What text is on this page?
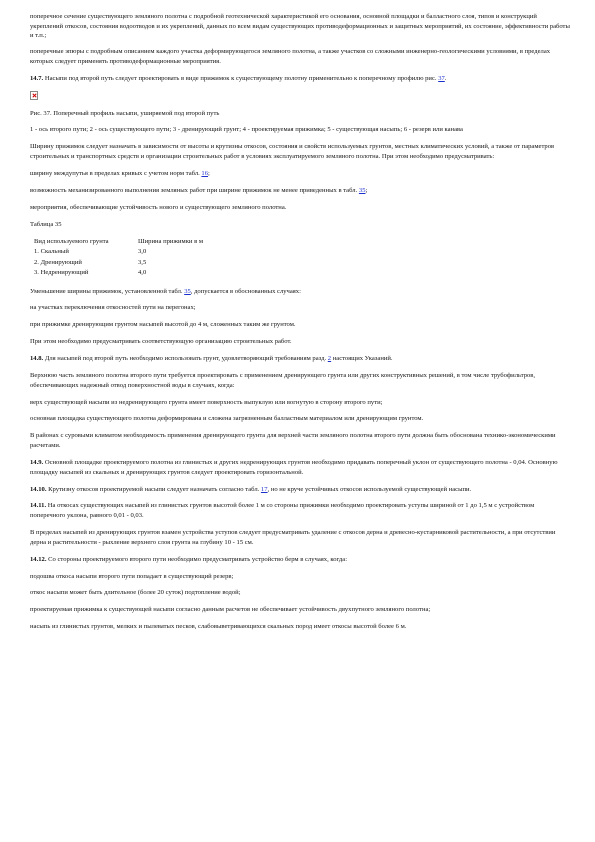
поперечное сечение существующего земляного полотна с подробной геотехнической характеристикой его основания, основной площадки и балластного слоя, типов и конструкций укреплений откосов, состояния водоотводов и их укреплений, данных по всем видам существующих противодеформационных и защитных мероприятий, их состояние, эффективности работы и т.п.;

поперечные эпюры с подробным описанием каждого участка деформирующегося земляного полотна, а также участков со сложными инженерно-геологическими условиями, в пределах которых следует применять противодеформационные мероприятия.

14.7. Насыпи под второй путь следует проектировать в виде прижимок к существующему полотну применительно к поперечному профилю рис. 37.

Рис. 37. Поперечный профиль насыпи, уширяемой под второй путь

1 - ось второго пути; 2 - ось существующего пути; 3 - дренирующий грунт; 4 - проектируемая прижимка; 5 - существующая насыпь; 6 - резерв или канава

Ширину прижимок следует назначать в зависимости от высоты и крутизны откосов, состояния и свойств используемых грунтов, местных климатических условий, а также от параметров строительных и транспортных средств и организации строительных работ в условиях эксплуатируемого земляного полотна. При этом необходимо предусматривать:

ширину междупутья в пределах кривых с учетом норм табл. 16;

возможность механизированного выполнения земляных работ при ширине прижимок не менее приведенных в табл. 35;

мероприятия, обеспечивающие устойчивость нового и существующего земляного полотна.

Таблица 35

Вид используемого грунта	Ширина прижимки в м
1. Скальный	3,0
2. Дренирующий	3,5
3. Недренирующий	4,0

Уменьшение ширины прижимок, установленной табл. 35, допускается в обоснованных случаях:

на участках переключения откосностей пути на перегонах;

при прижимке дренирующим грунтом насыпей высотой до 4 м, сложенных таким же грунтом.

При этом необходимо предусматривать соответствующую организацию строительных работ.

14.8. Для насыпей под второй путь необходимо использовать грунт, удовлетворяющий требованиям разд. 2 настоящих Указаний.

Верхнюю часть земляного полотна второго пути требуется проектировать с применением дренирующего грунта или других конструктивных решений, в том числе трубофильтров, обеспечивающих надежный отвод поверхностной воды в случаях, когда:

верх существующей насыпи из недренирующего грунта имеет поверхность выпуклую или вогнутую в сторону второго пути;

основная площадка существующего полотна деформирована и сложена загрязненным балластным материалом или дренирующим грунтом.

В районах с суровыми климатом необходимость применения дренирующего грунта для верхней части земляного полотна второго пути должна быть обоснована технико-экономическими расчетами.

14.9. Основной площадке проектируемого полотна из глинистых и других недренирующих грунтов необходимо придавать поперечный уклон от существующего полотна - 0,04. Основную площадку насыпей из скальных и дренирующих грунтов следует проектировать горизонтальной.

14.10. Крутизну откосов проектируемой насыпи следует назначать согласно табл. 17, но не круче устойчивых откосов используемой существующей насыпи.

14.11. На откосах существующих насыпей из глинистых грунтов высотой более 1 м со стороны прижимки необходимо проектировать уступы шириной от 1 до 1,5 м с устройством поперечного уклона, равного 0,01 - 0,03.

В пределах насыпей из дренирующих грунтов взамен устройства уступов следует предусматривать удаление с откосов дерна и древесно-кустарниковой растительности, а при отсутствии дерна и растительности - рыхление верхнего слоя грунта на глубину 10 - 15 см.

14.12. Со стороны проектируемого второго пути необходимо предусматривать устройство берм в случаях, когда:

подошва откоса насыпи второго пути попадает в существующий резерв;

откос насыпи может быть длительное (более 20 суток) подтопление водой;

проектируемая прижимка к существующей насыпи согласно данным расчетов не обеспечивает устойчивость двухпутного земляного полотна;

насыпь из глинистых грунтов, мелких и пылеватых песков, слабовыветривающихся скальных пород имеет откосы высотой более 6 м.
